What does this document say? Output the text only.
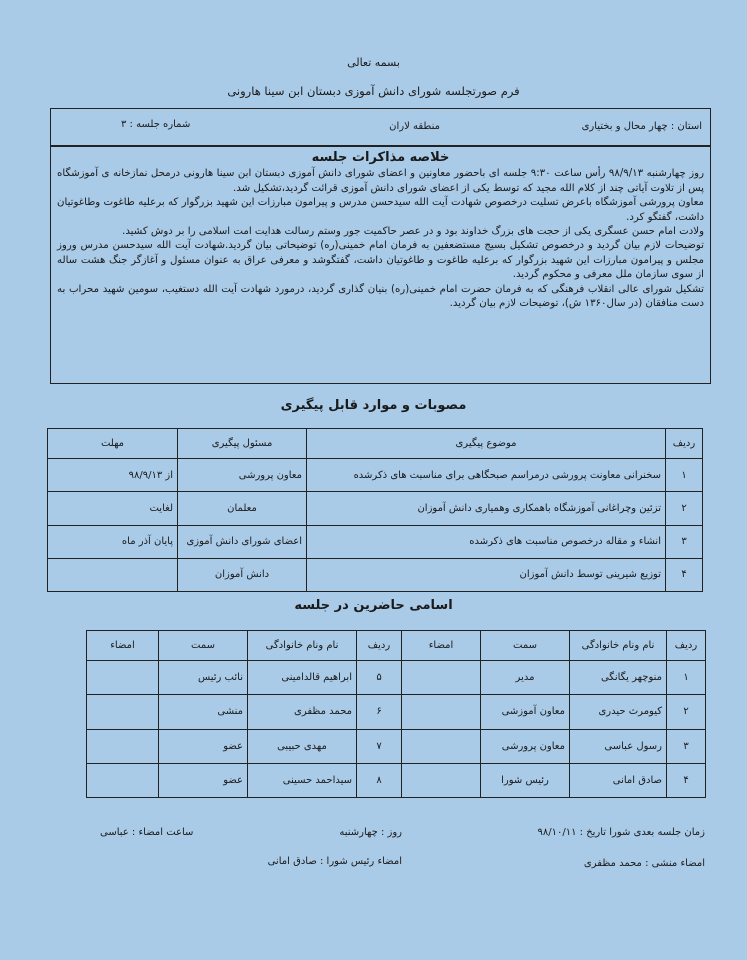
بسمه تعالی
فرم صورتجلسه شورای دانش آموزی دبستان ابن سینا هارونی
استان : چهار محال و بختیاری
منطقه لاران
شماره جلسه : ۳
خلاصه مذاکرات جلسه

روز چهارشنبه ۹۸/۹/۱۳ رأس ساعت ۹:۳۰ جلسه ای باحضور معاونین و اعضای شورای دانش آموزی دبستان ابن سینا هارونی درمحل نمازخانه ی آموزشگاه پس از تلاوت آیاتی چند از کلام الله مجید که توسط یکی از اعضای شورای دانش آموزی قرائت گردید،تشکیل شد.

معاون پرورشی آموزشگاه باعرض تسلیت درخصوص شهادت آیت الله سیدحسن مدرس و پیرامون مبارزات این شهید بزرگوار که برعلیه طاغوت وطاغوتیان داشت، گفتگو کرد.

ولادت امام حسن عسگری یکی از حجت های بزرگ خداوند بود و در عصر حاکمیت جور وستم رسالت هدایت امت اسلامی را بر دوش کشید.

توضیحات لازم بیان گردید و درخصوص تشکیل بسیج مستضعفین به فرمان امام خمینی(ره) توضیحاتی بیان گردید.شهادت آیت الله سیدحسن مدرس وروز مجلس و پیرامون مبارزات این شهید بزرگوار که برعلیه طاغوت و طاغوتیان داشت، گفتگوشد و معرفی عراق به عنوان مسئول و آغازگر جنگ هشت ساله از سوی سازمان ملل معرفی و محکوم گردید.

تشکیل شورای عالی انقلاب فرهنگی که به فرمان حضرت امام خمینی(ره) بنیان گذاری گردید، درمورد شهادت آیت الله دستغیب، سومین شهید محراب به دست منافقان (در سال۱۳۶۰ ش)، توضیحات لازم بیان گردید.

مصوبات و موارد قابل پیگیری
ردیف	موضوع پیگیری	مسئول پیگیری	مهلت
۱	سخنرانی معاونت پرورشی درمراسم صبحگاهی برای مناسبت های ذکرشده	معاون پرورشی	از ۹۸/۹/۱۳
۲	تزئین وچراغانی آموزشگاه باهمکاری وهمیاری دانش آموزان	معلمان	لغایت
۳	انشاء و مقاله درخصوص مناسبت های ذکرشده	اعضای شورای دانش آموزی	پایان آذر ماه
۴	توزیع شیرینی توسط دانش آموزان	دانش آموزان	
اسامی حاضرین در جلسه
ردیف	نام ونام خانوادگی	سمت	امضاء	ردیف	نام ونام خانوادگی	سمت	امضاء
۱	منوچهر یگانگی	مدیر		۵	ابراهیم قالدامینی	نائب رئیس	
۲	کیومرث حیدری	معاون آموزشی		۶	محمد مظفری	منشی	
۳	رسول عباسی	معاون پرورشی		۷	مهدی حبیبی	عضو	
۴	صادق امانی	رئیس شورا		۸	سیداحمد حسینی	عضو	
زمان جلسه بعدی شورا تاریخ : ۹۸/۱۰/۱۱
روز : چهارشنبه
ساعت امضاء : عباسی
امضاء منشی : محمد مظفری
امضاء رئیس شورا : صادق امانی
